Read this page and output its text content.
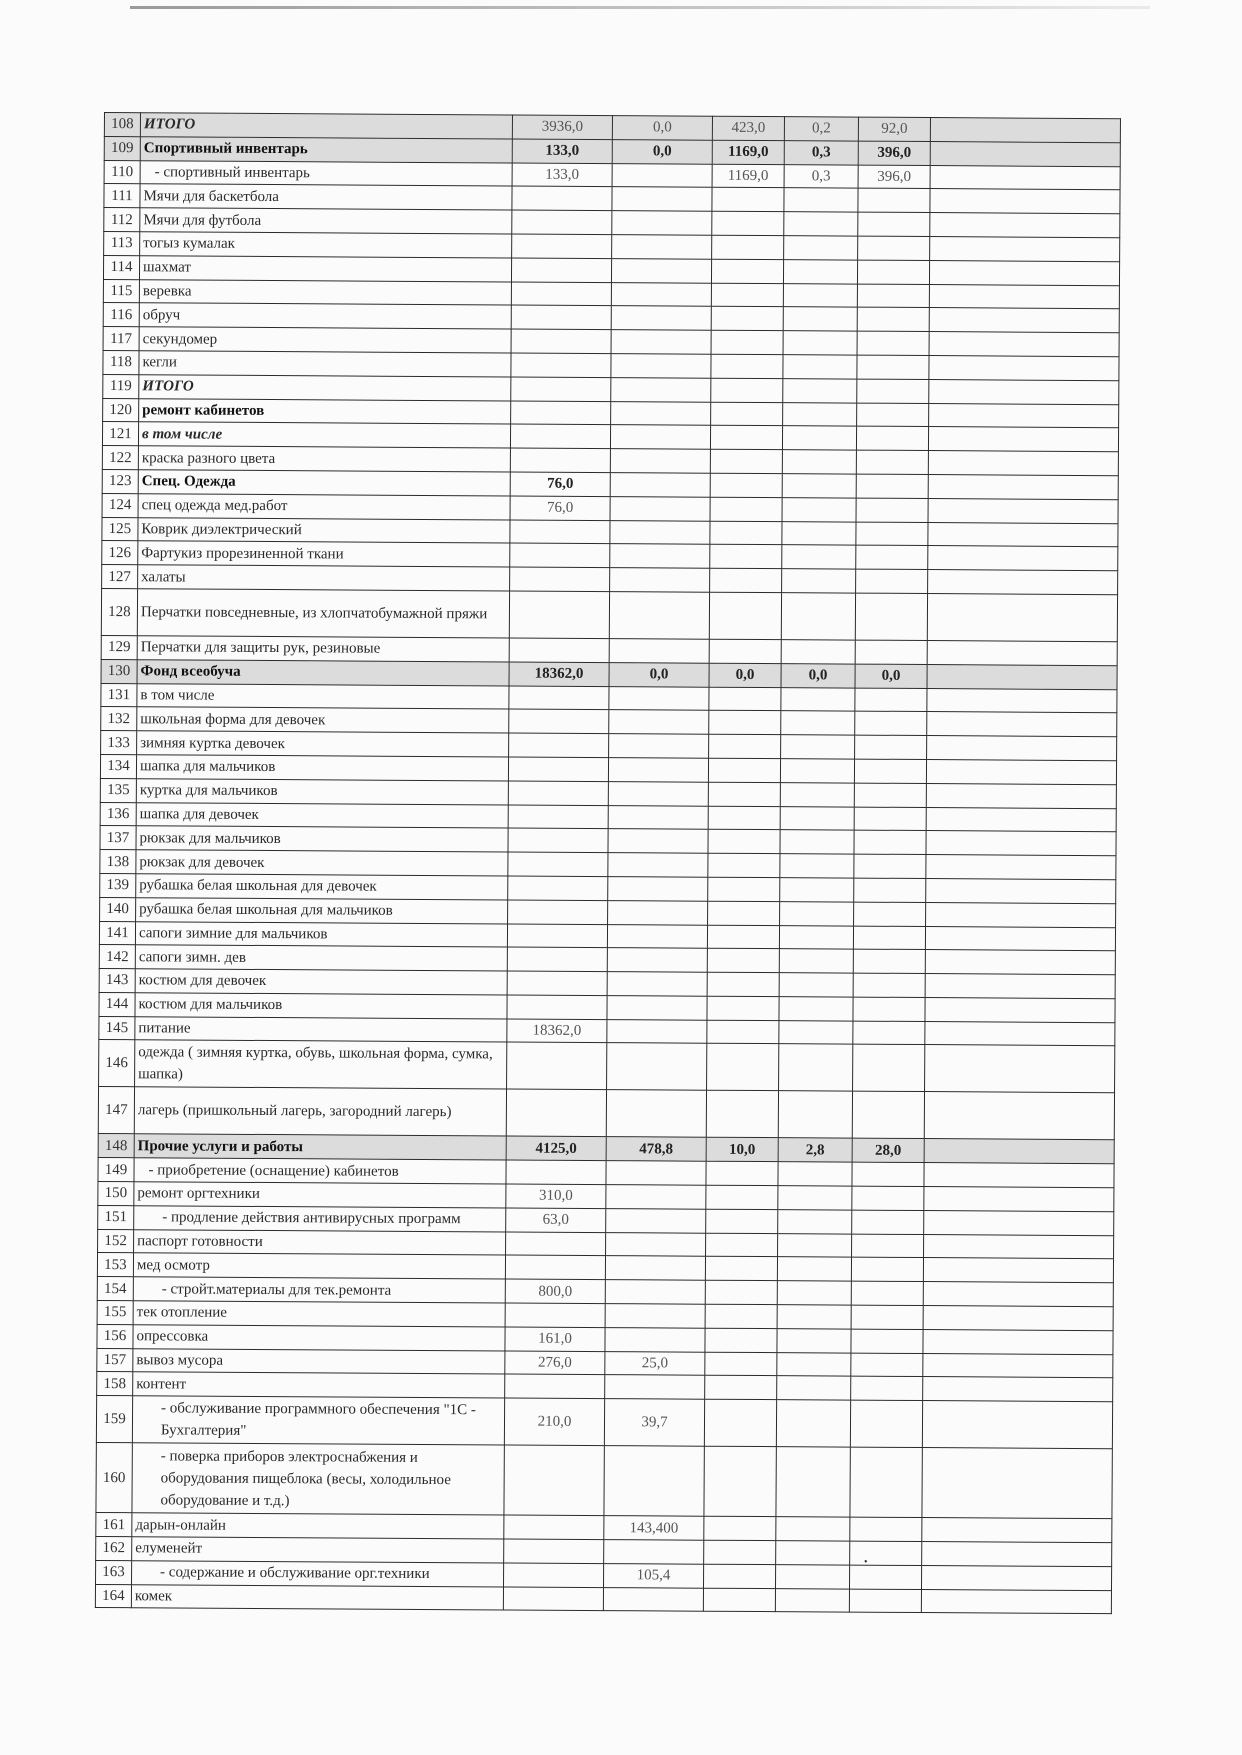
108	ИТОГО	3936,0	0,0	423,0	0,2	92,0	
109	Спортивный инвентарь	133,0	0,0	1169,0	0,3	396,0	
110	- спортивный инвентарь	133,0		1169,0	0,3	396,0	
111	Мячи для баскетбола						
112	Мячи для футбола						
113	тогыз кумалак						
114	шахмат						
115	веревка						
116	обруч						
117	секундомер						
118	кегли						
119	ИТОГО						
120	ремонт кабинетов						
121	в том числе						
122	краска разного цвета						
123	Спец. Одежда	76,0					
124	спец одежда мед.работ	76,0					
125	Коврик диэлектрический						
126	Фартукиз прорезиненной ткани						
127	халаты						
128	Перчатки повседневные, из хлопчатобумажной пряжи						
129	Перчатки для защиты рук, резиновые						
130	Фонд всеобуча	18362,0	0,0	0,0	0,0	0,0	
131	в том числе						
132	школьная форма для девочек						
133	зимняя куртка девочек						
134	шапка для мальчиков						
135	куртка для мальчиков						
136	шапка для девочек						
137	рюкзак для мальчиков						
138	рюкзак для девочек						
139	рубашка белая школьная для девочек						
140	рубашка белая школьная для мальчиков						
141	сапоги зимние для мальчиков						
142	сапоги зимн. дев						
143	костюм для девочек						
144	костюм для мальчиков						
145	питание	18362,0					
146	одежда ( зимняя куртка, обувь, школьная форма, сумка, шапка)						
147	лагерь (пришкольный лагерь, загородний лагерь)						
148	Прочие услуги и работы	4125,0	478,8	10,0	2,8	28,0	
149	- приобретение (оснащение) кабинетов						
150	ремонт оргтехники	310,0					
151	- продление действия антивирусных программ	63,0					
152	паспорт готовности						
153	мед осмотр						
154	- стройт.материалы для тек.ремонта	800,0					
155	тек отопление						
156	опрессовка	161,0					
157	вывоз мусора	276,0	25,0				
158	контент						
159	- обслуживание программного обеспечения "1С - Бухгалтерия"	210,0	39,7				
160	- поверка приборов электроснабжения и оборудования пищеблока (весы, холодильное оборудование и т.д.)						
161	дарын-онлайн		143,400				
162	елуменейт						
163	- содержание и обслуживание орг.техники		105,4				
164	комек						
•
